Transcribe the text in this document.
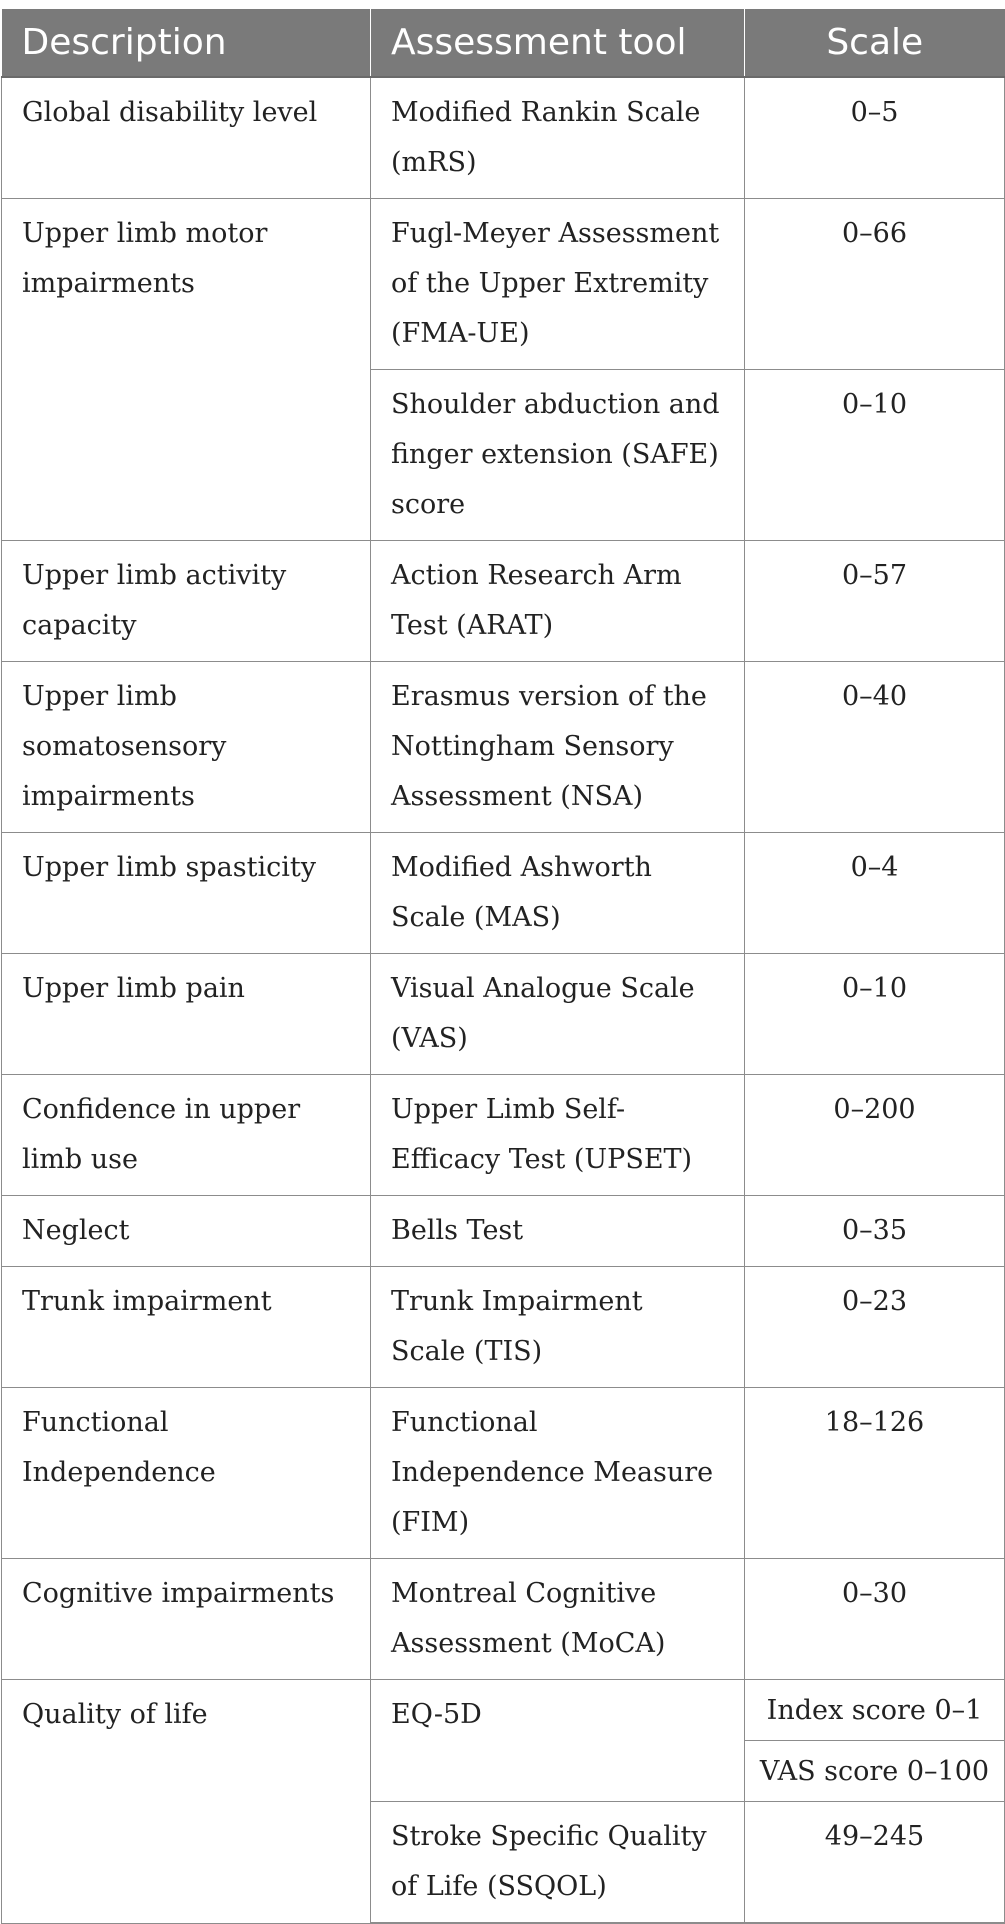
Description	Assessment tool	Scale
Global disability level	Modified Rankin Scale (mRS)	0–5
Upper limb motor impairments	Fugl-Meyer Assessment of the Upper Extremity (FMA-UE)	0–66
	Shoulder abduction and finger extension (SAFE) score	0–10
Upper limb activity capacity	Action Research Arm Test (ARAT)	0–57
Upper limb somatosensory impairments	Erasmus version of the Nottingham Sensory Assessment (NSA)	0–40
Upper limb spasticity	Modified Ashworth Scale (MAS)	0–4
Upper limb pain	Visual Analogue Scale (VAS)	0–10
Confidence in upper limb use	Upper Limb Self-Efficacy Test (UPSET)	0–200
Neglect	Bells Test	0–35
Trunk impairment	Trunk Impairment Scale (TIS)	0–23
Functional Independence	Functional Independence Measure (FIM)	18–126
Cognitive impairments	Montreal Cognitive Assessment (MoCA)	0–30
Quality of life	EQ-5D	Index score 0–1
		VAS score 0–100
	Stroke Specific Quality of Life (SSQOL)	49–245
